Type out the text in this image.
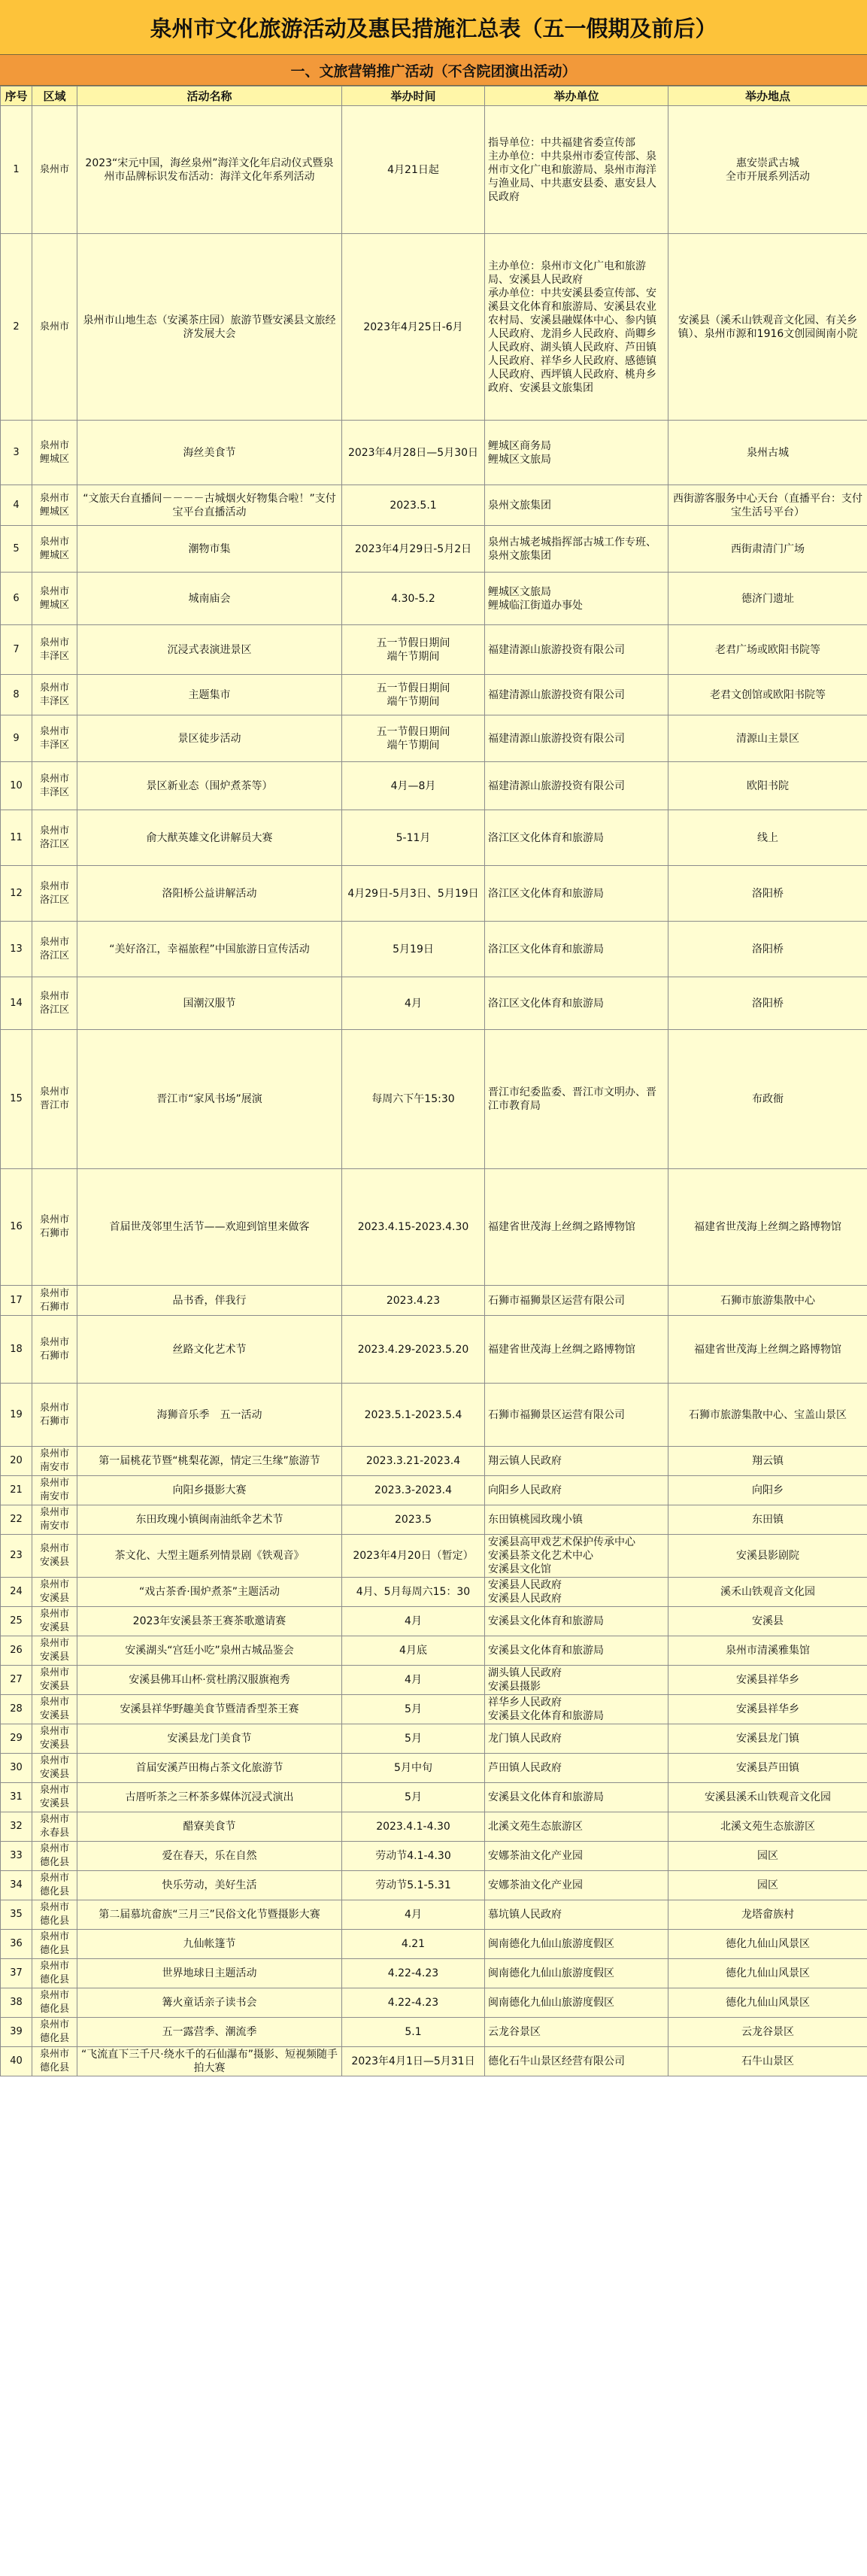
泉州市文化旅游活动及惠民措施汇总表（五一假期及前后）
一、文旅营销推广活动（不含院团演出活动）
序号	区域	活动名称	举办时间	举办单位	举办地点
1	泉州市	2023“宋元中国，海丝泉州”海洋文化年启动仪式暨泉州市品牌标识发布活动：海洋文化年系列活动	4月21日起	指导单位：中共福建省委宣传部
主办单位：中共泉州市委宣传部、泉州市文化广电和旅游局、泉州市海洋与渔业局、中共惠安县委、惠安县人民政府	惠安崇武古城
全市开展系列活动
2	泉州市	泉州市山地生态（安溪茶庄园）旅游节暨安溪县文旅经济发展大会	2023年4月25日-6月	主办单位：泉州市文化广电和旅游局、安溪县人民政府
承办单位：中共安溪县委宣传部、安溪县文化体育和旅游局、安溪县农业农村局、安溪县融媒体中心、参内镇人民政府、龙涓乡人民政府、尚卿乡人民政府、湖头镇人民政府、芦田镇人民政府、祥华乡人民政府、感德镇人民政府、西坪镇人民政府、桃舟乡政府、安溪县文旅集团	安溪县（溪禾山铁观音文化园、有关乡镇）、泉州市源和1916文创园闽南小院
3	泉州市鲤城区	海丝美食节	2023年4月28日—5月30日	鲤城区商务局
鲤城区文旅局	泉州古城
4	泉州市鲤城区	“文旅天台直播间－－－－古城烟火好物集合啦！”支付宝平台直播活动	2023.5.1	泉州文旅集团	西街游客服务中心天台（直播平台：支付宝生活号平台）
5	泉州市鲤城区	潮物市集	2023年4月29日-5月2日	泉州古城老城指挥部古城工作专班、泉州文旅集团	西街肃清门广场
6	泉州市鲤城区	城南庙会	4.30-5.2	鲤城区文旅局
鲤城临江街道办事处	德济门遗址
7	泉州市丰泽区	沉浸式表演进景区	五一节假日期间
端午节期间	福建清源山旅游投资有限公司	老君广场或欧阳书院等
8	泉州市丰泽区	主题集市	五一节假日期间
端午节期间	福建清源山旅游投资有限公司	老君文创馆或欧阳书院等
9	泉州市丰泽区	景区徒步活动	五一节假日期间
端午节期间	福建清源山旅游投资有限公司	清源山主景区
10	泉州市丰泽区	景区新业态（围炉煮茶等）	4月—8月	福建清源山旅游投资有限公司	欧阳书院
11	泉州市洛江区	俞大猷英雄文化讲解员大赛	5-11月	洛江区文化体育和旅游局	线上
12	泉州市洛江区	洛阳桥公益讲解活动	4月29日-5月3日、5月19日	洛江区文化体育和旅游局	洛阳桥
13	泉州市洛江区	“美好洛江，幸福旅程”中国旅游日宣传活动	5月19日	洛江区文化体育和旅游局	洛阳桥
14	泉州市洛江区	国潮汉服节	4月	洛江区文化体育和旅游局	洛阳桥
15	泉州市晋江市	晋江市“家风书场”展演	每周六下午15:30	晋江市纪委监委、晋江市文明办、晋江市教育局	布政衙
16	泉州市石狮市	首届世茂邻里生活节——欢迎到馆里来做客	2023.4.15-2023.4.30	福建省世茂海上丝绸之路博物馆	福建省世茂海上丝绸之路博物馆
17	泉州市石狮市	品书香，伴我行	2023.4.23	石狮市福狮景区运营有限公司	石狮市旅游集散中心
18	泉州市石狮市	丝路文化艺术节	2023.4.29-2023.5.20	福建省世茂海上丝绸之路博物馆	福建省世茂海上丝绸之路博物馆
19	泉州市石狮市	海狮音乐季　五一活动	2023.5.1-2023.5.4	石狮市福狮景区运营有限公司	石狮市旅游集散中心、宝盖山景区
20	泉州市南安市	第一届桃花节暨“桃梨花源，情定三生缘”旅游节	2023.3.21-2023.4	翔云镇人民政府	翔云镇
21	泉州市南安市	向阳乡摄影大赛	2023.3-2023.4	向阳乡人民政府	向阳乡
22	泉州市南安市	东田玫瑰小镇闽南油纸伞艺术节	2023.5	东田镇桃园玫瑰小镇	东田镇
23	泉州市安溪县	茶文化、大型主题系列情景剧《铁观音》	2023年4月20日（暂定）	安溪县高甲戏艺术保护传承中心
安溪县茶文化艺术中心
安溪县文化馆	安溪县影剧院
24	泉州市安溪县	“戏古茶香·围炉煮茶”主题活动	4月、5月每周六15：30	安溪县人民政府
安溪县人民政府	溪禾山铁观音文化园
25	泉州市安溪县	2023年安溪县茶王赛茶歌邀请赛	4月	安溪县文化体育和旅游局	安溪县
26	泉州市安溪县	安溪湖头“宫廷小吃”泉州古城品鉴会	4月底	安溪县文化体育和旅游局	泉州市清溪雅集馆
27	泉州市安溪县	安溪县佛耳山杯·赏杜鹃汉服旗袍秀	4月	湖头镇人民政府
安溪县摄影	安溪县祥华乡
28	泉州市安溪县	安溪县祥华野趣美食节暨清香型茶王赛	5月	祥华乡人民政府
安溪县文化体育和旅游局	安溪县祥华乡
29	泉州市安溪县	安溪县龙门美食节	5月	龙门镇人民政府	安溪县龙门镇
30	泉州市安溪县	首届安溪芦田梅占茶文化旅游节	5月中旬	芦田镇人民政府	安溪县芦田镇
31	泉州市安溪县	古厝听茶之三杯茶多媒体沉浸式演出	5月	安溪县文化体育和旅游局	安溪县溪禾山铁观音文化园
32	泉州市永春县	醋寮美食节	2023.4.1-4.30	北溪文苑生态旅游区	北溪文苑生态旅游区
33	泉州市德化县	爱在春天，乐在自然	劳动节4.1-4.30	安娜茶油文化产业园	园区
34	泉州市德化县	快乐劳动，美好生活	劳动节5.1-5.31	安娜茶油文化产业园	园区
35	泉州市德化县	第二届慕坑畲族“三月三”民俗文化节暨摄影大赛	4月	慕坑镇人民政府	龙塔畲族村
36	泉州市德化县	九仙帐篷节	4.21	闽南德化九仙山旅游度假区	德化九仙山风景区
37	泉州市德化县	世界地球日主题活动	4.22-4.23	闽南德化九仙山旅游度假区	德化九仙山风景区
38	泉州市德化县	篝火童话亲子读书会	4.22-4.23	闽南德化九仙山旅游度假区	德化九仙山风景区
39	泉州市德化县	五一露营季、潮流季	5.1	云龙谷景区	云龙谷景区
40	泉州市德化县	“飞流直下三千尺·绕水千的石仙瀑布”摄影、短视频随手拍大赛	2023年4月1日—5月31日	德化石牛山景区经营有限公司	石牛山景区
